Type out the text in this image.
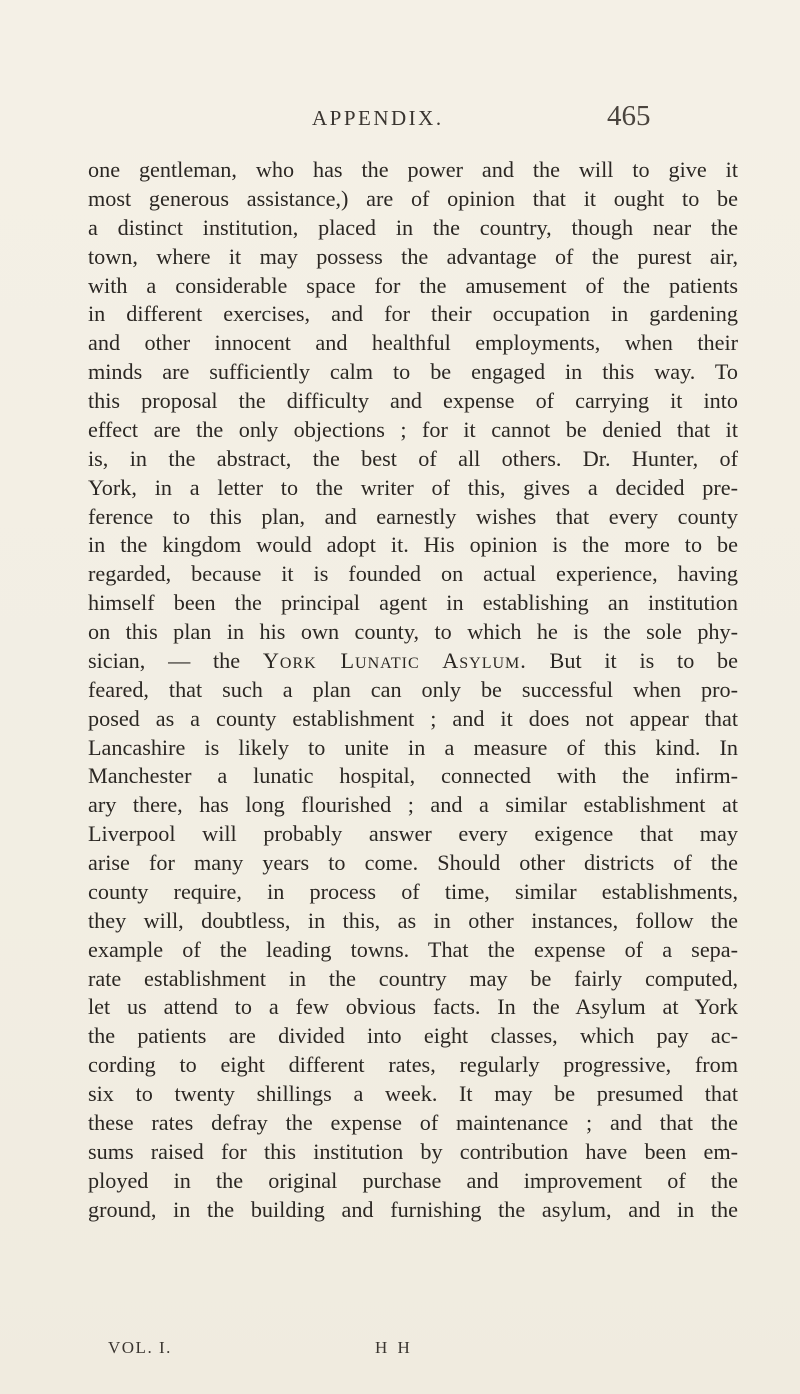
APPENDIX.	465
one gentleman, who has the power and the will to give it
most generous assistance,) are of opinion that it ought to be
a distinct institution, placed in the country, though near the
town, where it may possess the advantage of the purest air,
with a considerable space for the amusement of the patients
in different exercises, and for their occupation in gardening
and other innocent and healthful employments, when their
minds are sufficiently calm to be engaged in this way. To
this proposal the difficulty and expense of carrying it into
effect are the only objections ; for it cannot be denied that it
is, in the abstract, the best of all others. Dr. Hunter, of
York, in a letter to the writer of this, gives a decided pre-
ference to this plan, and earnestly wishes that every county
in the kingdom would adopt it. His opinion is the more to be
regarded, because it is founded on actual experience, having
himself been the principal agent in establishing an institution
on this plan in his own county, to which he is the sole phy-
sician, — the York Lunatic Asylum. But it is to be
feared, that such a plan can only be successful when pro-
posed as a county establishment ; and it does not appear that
Lancashire is likely to unite in a measure of this kind. In
Manchester a lunatic hospital, connected with the infirm-
ary there, has long flourished ; and a similar establishment at
Liverpool will probably answer every exigence that may
arise for many years to come. Should other districts of the
county require, in process of time, similar establishments,
they will, doubtless, in this, as in other instances, follow the
example of the leading towns. That the expense of a sepa-
rate establishment in the country may be fairly computed,
let us attend to a few obvious facts. In the Asylum at York
the patients are divided into eight classes, which pay ac-
cording to eight different rates, regularly progressive, from
six to twenty shillings a week. It may be presumed that
these rates defray the expense of maintenance ; and that the
sums raised for this institution by contribution have been em-
ployed in the original purchase and improvement of the
ground, in the building and furnishing the asylum, and in the
VOL. I.	H H
